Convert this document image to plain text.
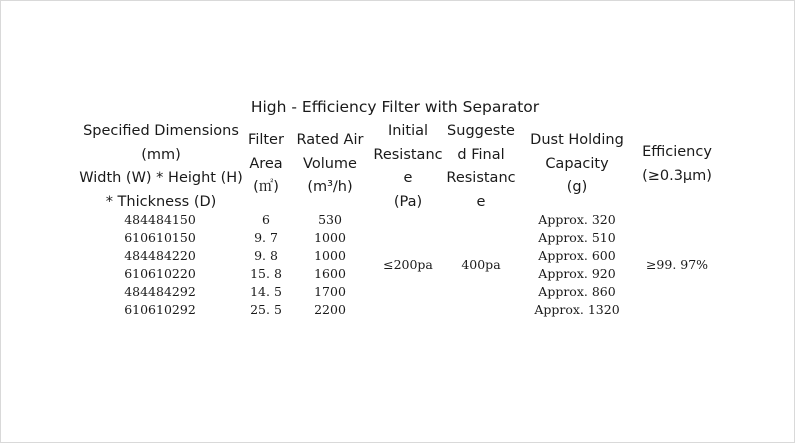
High - Efficiency Filter with Separator
Specified Dimensions
(mm)
Width (W) * Height (H)
* Thickness (D)
Filter
Area
(㎡)
Rated Air
Volume
(m³/h)
Initial
Resistanc
e
(Pa)
Suggeste
d Final
Resistanc
e
Dust Holding
Capacity
(g)
Efficiency
(≥0.3μm)
484484150
610610150
484484220
610610220
484484292
610610292
6
9. 7
9. 8
15. 8
14. 5
25. 5
530
1000
1000
1600
1700
2200
≤200pa	400pa
Approx. 320
Approx. 510
Approx. 600
Approx. 920
Approx. 860
Approx. 1320
≥99. 97%
